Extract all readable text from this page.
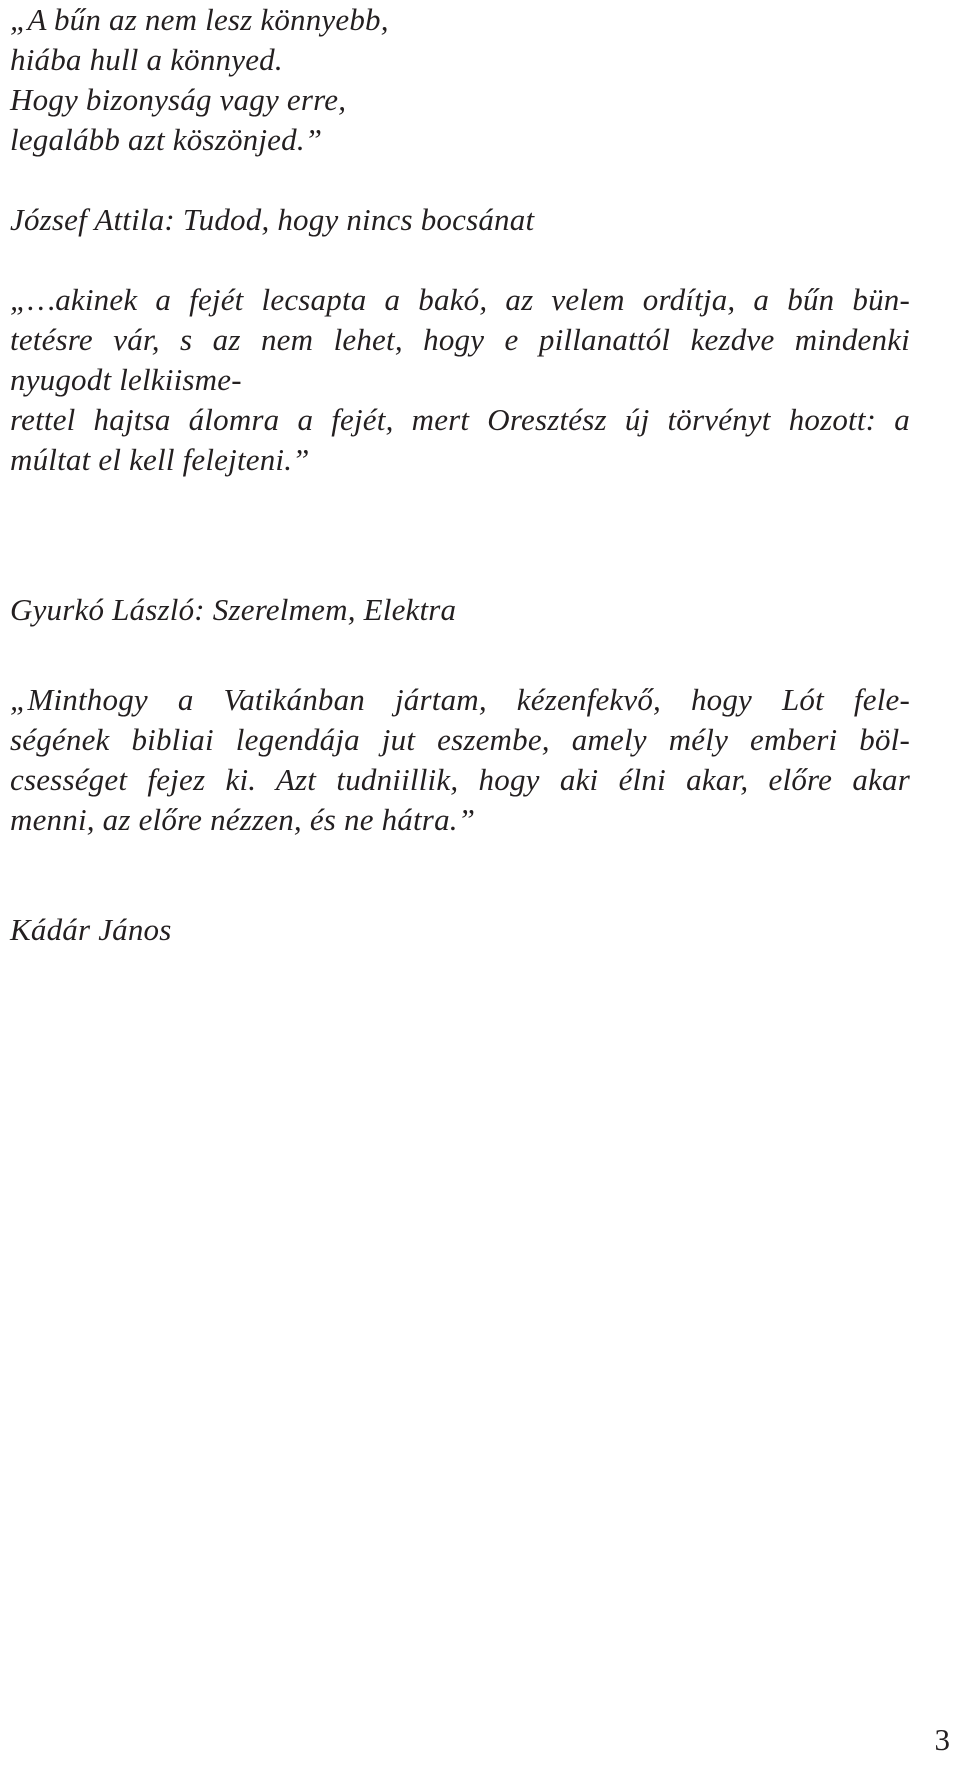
„A bűn az nem lesz könnyebb,
hiába hull a könnyed.
Hogy bizonyság vagy erre,
legalább azt köszönjed.”
József Attila: Tudod, hogy nincs bocsánat
„…akinek a fejét lecsapta a bakó, az velem ordítja, a bűn bün-
tetésre vár, s az nem lehet, hogy e pillanattól kezdve mindenki
nyugodt lelkiisme-
rettel hajtsa álomra a fejét, mert Oresztész új törvényt hozott: a
múltat el kell felejteni.”
Gyurkó László: Szerelmem, Elektra
„Minthogy a Vatikánban jártam, kézenfekvő, hogy Lót fele-
ségének bibliai legendája jut eszembe, amely mély emberi böl-
csességet fejez ki. Azt tudniillik, hogy aki élni akar, előre akar
menni, az előre nézzen, és ne hátra.”
Kádár János
3
